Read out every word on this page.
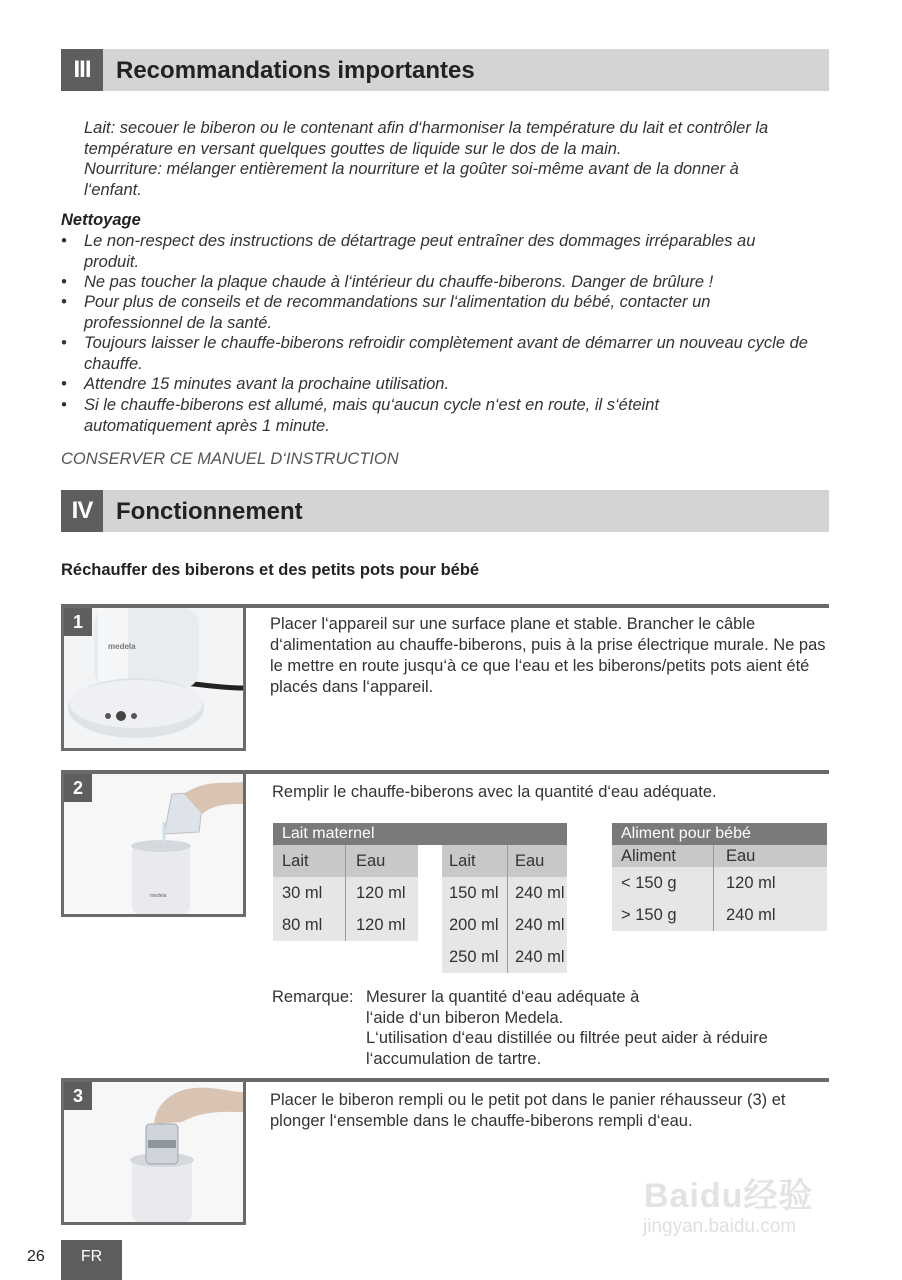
III	Recommandations importantes
Lait: secouer le biberon ou le contenant afin d‘harmoniser la température du lait et contrôler la température en versant quelques gouttes de liquide sur le dos de la main.
Nourriture: mélanger entièrement la nourriture et la goûter soi-même avant de la donner à l‘enfant.
Nettoyage
• Le non-respect des instructions de détartrage peut entraîner des dommages irréparables au produit.
• Ne pas toucher la plaque chaude à l‘intérieur du chauffe-biberons. Danger de brûlure !
• Pour plus de conseils et de recommandations sur l‘alimentation du bébé, contacter un professionnel de la santé.
• Toujours laisser le chauffe-biberons refroidir complètement avant de démarrer un nouveau cycle de chauffe.
• Attendre 15 minutes avant la prochaine utilisation.
• Si le chauffe-biberons est allumé, mais qu‘aucun cycle n‘est en route, il s‘éteint automatiquement après 1 minute.
CONSERVER CE MANUEL D‘INSTRUCTION
IV Fonctionnement
Réchauffer des biberons et des petits pots pour bébé
medela
1	Placer l‘appareil sur une surface plane et stable. Brancher le câble d‘alimentation au chauffe-biberons, puis à la prise électrique murale. Ne pas le mettre en route jusqu‘à ce que l‘eau et les biberons/petits pots aient été placés dans l‘appareil.
medela
2	Remplir le chauffe-biberons avec la quantité d‘eau adéquate.
Lait maternel				
Lait	Eau		Lait	Eau
30 ml	120 ml		150 ml	240 ml
80 ml	120 ml		200 ml	240 ml
			250 ml	240 ml
Aliment pour bébé	
Aliment	Eau
< 150 g	120 ml
> 150 g	240 ml
Remarque: Mesurer la quantité d‘eau adéquate à l‘aide d‘un biberon Medela.
L‘utilisation d‘eau distillée ou filtrée peut aider à réduire l‘accumulation de tartre.
3	Placer le biberon rempli ou le petit pot dans le panier réhausseur (3) et plonger l‘ensemble dans le chauffe-biberons rempli d‘eau.
Baidu经验
jingyan.baidu.com
26	FR
